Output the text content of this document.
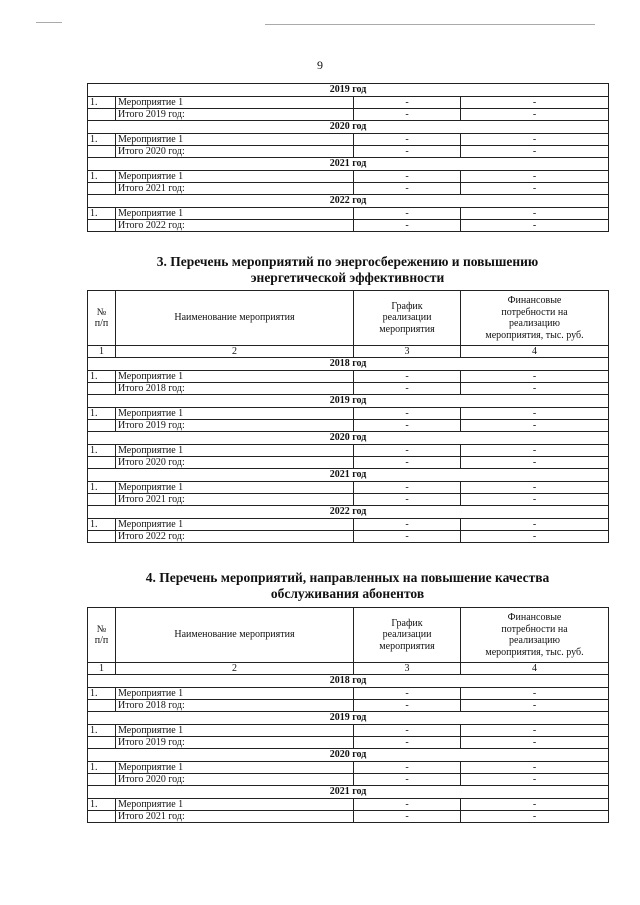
9
2019 год			
1.	Мероприятие 1	-	-
	Итого 2019 год:	-	-
2020 год			
1.	Мероприятие 1	-	-
	Итого 2020 год:	-	-
2021 год			
1.	Мероприятие 1	-	-
	Итого 2021 год:	-	-
2022 год			
1.	Мероприятие 1	-	-
	Итого 2022 год:	-	-
3. Перечень мероприятий по энергосбережению и повышению
энергетической эффективности
№
п/п	Наименование мероприятия	График
реализации
мероприятия	Финансовые
потребности на
реализацию
мероприятия, тыс. руб.
1	2	3	4
2018 год			
1.	Мероприятие 1	-	-
	Итого 2018 год:	-	-
2019 год			
1.	Мероприятие 1	-	-
	Итого 2019 год:	-	-
2020 год			
1.	Мероприятие 1	-	-
	Итого 2020 год:	-	-
2021 год			
1.	Мероприятие 1	-	-
	Итого 2021 год:	-	-
2022 год			
1.	Мероприятие 1	-	-
	Итого 2022 год:	-	-
4. Перечень мероприятий, направленных на повышение качества
обслуживания абонентов
№
п/п	Наименование мероприятия	График
реализации
мероприятия	Финансовые
потребности на
реализацию
мероприятия, тыс. руб.
1	2	3	4
2018 год			
1.	Мероприятие 1	-	-
	Итого 2018 год:	-	-
2019 год			
1.	Мероприятие 1	-	-
	Итого 2019 год:	-	-
2020 год			
1.	Мероприятие 1	-	-
	Итого 2020 год:	-	-
2021 год			
1.	Мероприятие 1	-	-
	Итого 2021 год:	-	-
